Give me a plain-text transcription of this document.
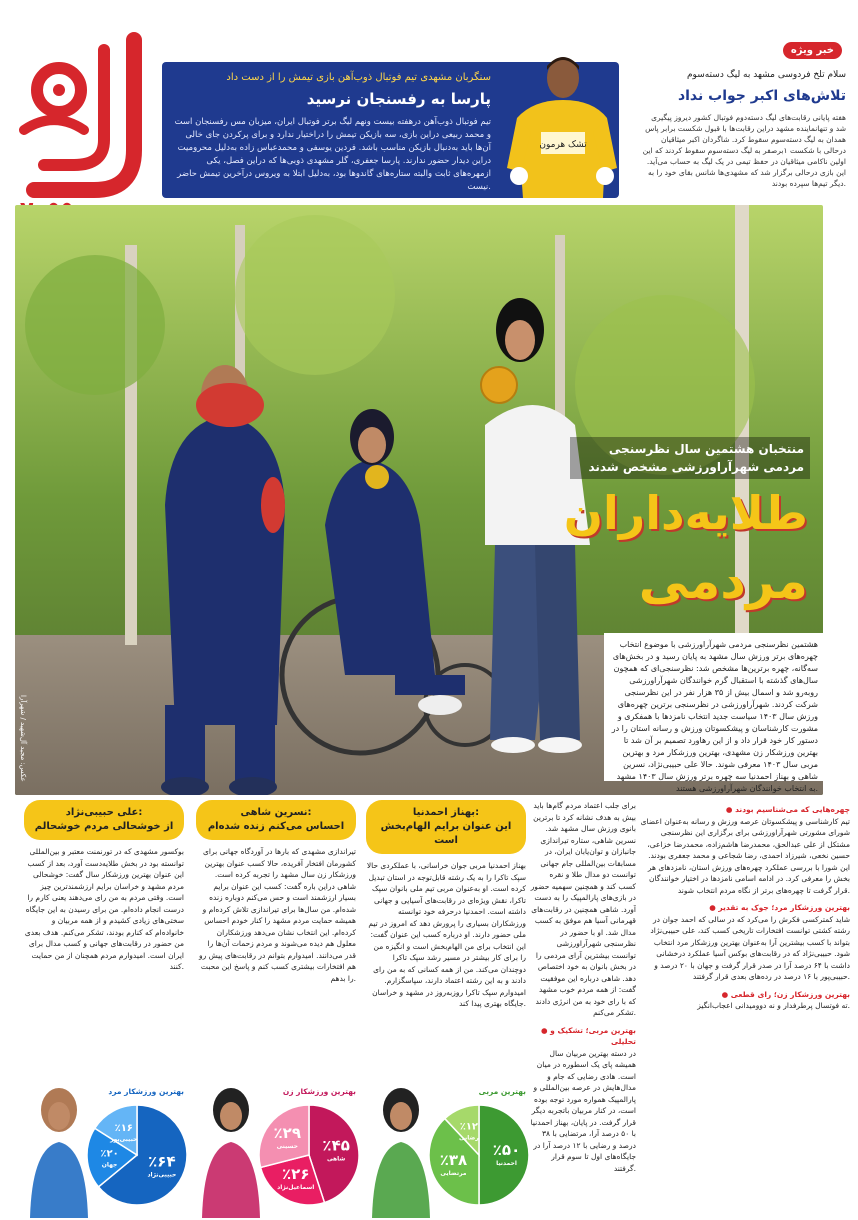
سنگربان مشهدی تیم فوتبال ذوب‌آهن بازی تیمش را از دست داد
پارسا به رفسنجان نرسید
تیم فوتبال ذوب‌آهن درهفته بیست ونهم لیگ برتر فوتبال ایران، میزبان مس رفسنجان است و محمد ربیعی دراین بازی، سه بازیکن تیمش را دراختیار ندارد و برای پرکردن جای خالی آن‌ها باید به‌دنبال بازیکن مناسب باشد. فردین یوسفی و محمدعباس زاده به‌دلیل محرومیت دراین دیدار حضور ندارند. پارسا جعفری، گلر مشهدی ذوبی‌ها که دراین فصل، یکی ازمهره‌های ثابت والبته ستاره‌های گاندوها بود، به‌دلیل ابتلا به ویروس درآخرین تیمش حاضر نیست.
تشک هرمون
خبر ویژه
سلام تلخ فردوسی مشهد به لیگ دسته‌سوم
تلاش‌های اکبر جواب نداد
هفته پایانی رقابت‌های لیگ دسته‌دوم فوتبال کشور دیروز پیگیری شد و تنهانماینده مشهد دراین رقابت‌ها با قبول شکست برابر پاس همدان به لیگ دسته‌سوم سقوط کرد. شاگردان اکبر میثاقیان درحالی با شکست ۱برصفر به لیگ دسته‌سوم سقوط کردند که این اولین ناکامی میثاقیان در حفظ تیمی در یک لیگ به حساب می‌آید. این بازی درحالی برگزار شد که مشهدی‌ها شانس بقای خود را به دیگر تیم‌ها سپرده بودند.
عکس: مجید آل‌شهید / شهرآرا
منتخبان هشتمین سال نظرسنجی مردمی شهرآراورزشی مشخص شدند
طلایه‌داران
مردمی
هشتمین نظرسنجی مردمی شهرآراورزشی با موضوع انتخاب چهره‌های برتر ورزش سال مشهد به پایان رسید و در بخش‌های سه‌گانه، چهره برترین‌ها مشخص شد: نظرسنجی‌ای که همچون سال‌های گذشته با استقبال گرم خوانندگان شهرآراورزشی روبه‌رو شد و اسمال بیش از ۳۵ هزار نفر در این نظرسنجی شرکت کردند. شهرآراورزشی در نظرسنجی برترین چهره‌های ورزش سال ۱۴۰۳ سیاست جدید انتخاب نامزدها با همفکری و مشورت کارشناسان و پیشکسوتان ورزش و رسانه استان را در دستور کار خود قرار داد و از این رهاورد تصمیم بر آن شد تا بهترین ورزشکار زن مشهدی، بهترین ورزشکار مرد و بهترین مربی سال ۱۴۰۳ معرفی شوند. حالا علی حبیبی‌نژاد، نسرین شاهی و بهناز احمدنیا سه چهره برتر ورزش سال ۱۴۰۳ مشهد به انتخاب خوانندگان شهرآراورزشی هستند.
● چهره‌هایی که می‌شناسیم بودند
تیم کارشناسی و پیشکسوتان عرصه ورزش و رسانه به‌عنوان اعضای شورای مشورتی شهرآراورزشی برای برگزاری این نظرسنجی مشتکل از علی عبدالحق، محمدرضا هاشم‌زاده، محمدرضا خزاعی، حسین نخعی، شیرزاد احمدی، رضا شجاعی و محمد جعفری بودند. این شورا با بررسی عملکرد چهره‌های ورزش استان، نامزدهای هر بخش را معرفی کرد. در ادامه اسامی نامزدها در اختیار خوانندگان قرار گرفت تا چهره‌های برتر از نگاه مردم انتخاب شوند.
● بهترین ورزشکار مرد؛ جوک به تقدیر
شاید کمترکسی فکرش را می‌کرد که در سالی که احمد جوان در رشته کشتی توانست افتخارات تاریخی کسب کند، علی حبیبی‌نژاد بتواند با کسب بیشترین آرا به‌عنوان بهترین ورزشکار مرد انتخاب شود. حبیبی‌نژاد که در رقابت‌های بوکس آسیا عملکرد درخشانی داشت با ۶۴ درصد آرا در صدر قرار گرفت و جهان با ۲۰ درصد و حبیبی‌پور با ۱۶ درصد در رده‌های بعدی قرار گرفتند.
● بهترین ورزشکار زن؛ رای قطعی
ته فوتسال پرطرفدار و نه دوومیدانی اعجاب‌انگیز.
برای جلب اعتماد مردم گام‌ها باید بیش به هدف نشانه کرد تا برترین بانوی ورزش سال مشهد شد. نسرین شاهی، ستاره تیراندازی جانبازان و توان‌یابان ایران، در مسابقات بین‌المللی جام جهانی توانست دو مدال طلا و نقره کسب کند و همچنین سهمیه حضور در بازی‌های پارالمپیک را به دست آورد. شاهی همچنین در رقابت‌های قهرمانی آسیا هم موفق به کسب مدال شد. او با حضور در نظرسنجی شهرآراورزشی توانست بیشترین آرای مردمی را در بخش بانوان به خود اختصاص دهد. شاهی درباره این موفقیت گفت: از همه مردم خوب مشهد که با رای خود به من انرژی دادند تشکر می‌کنم.
● بهترین مربی؛ تشکیک و تحلیلی
در دسته بهترین مربیان سال همیشه پای یک اسطوره در میان است. هادی رضایی که جام و مدال‌هایش در عرصه بین‌المللی و پارالمپیک همواره مورد توجه بوده است، در کنار مربیان باتجربه دیگر قرار گرفت. در پایان، بهناز احمدنیا با ۵۰ درصد آرا، مرتضایی با ۳۸ درصد و رضایی با ۱۲ درصد آرا در جایگاه‌های اول تا سوم قرار گرفتند.
بهناز احمدنیا:
این عنوان برایم الهام‌بخش است
بهناز احمدنیا مربی جوان خراسانی، با عملکردی حالا سپک تاکرا را به یک رشته قابل‌توجه در استان تبدیل کرده است. او به‌عنوان مربی تیم ملی بانوان سپک تاکرا، نقش ویژه‌ای در رقابت‌های آسیایی و جهانی داشته است. احمدنیا درحرفه خود توانسته ورزشکاران بسیاری را پرورش دهد که امروز در تیم ملی حضور دارند. او درباره کسب این عنوان گفت: این انتخاب برای من الهام‌بخش است و انگیزه من را برای کار بیشتر در مسیر رشد سپک تاکرا دوچندان می‌کند. من از همه کسانی که به من رای دادند و به این رشته اعتماد دارند، سپاسگزارم. امیدوارم سپک تاکرا روزبه‌روز در مشهد و خراسان جایگاه بهتری پیدا کند.
بهترین مربی
٪۵۰
احمدنیا
٪۳۸
مرتضایی
٪۱۲
رضایی
نسرین شاهی:
احساس می‌کنم زنده شده‌ام
تیراندازی مشهدی که بارها در آوردگاه جهانی برای کشورمان افتخار آفریده، حالا کسب عنوان بهترین ورزشکار زن سال مشهد را تجربه کرده است. شاهی دراین باره گفت: کسب این عنوان برایم بسیار ارزشمند است و حس می‌کنم دوباره زنده شده‌ام. من سال‌ها برای تیراندازی تلاش کرده‌ام و همیشه حمایت مردم مشهد را کنار خودم احساس کرده‌ام. این انتخاب نشان می‌دهد ورزشکاران معلول هم دیده می‌شوند و مردم زحمات آن‌ها را قدر می‌دانند. امیدوارم بتوانم در رقابت‌های پیش رو هم افتخارات بیشتری کسب کنم و پاسخ این محبت را بدهم.
بهترین ورزشکار زن
٪۴۵
شاهی
٪۲۶
اسماعیل‌نژاد
٪۲۹
حسینی
علی حبیبی‌نژاد:
از خوشحالی مردم خوشحالم
بوکسور مشهدی که در تورنمنت معتبر و بین‌المللی توانسته بود در بخش طلایه‌دست آورد، بعد از کسب این عنوان بهترین ورزشکار سال گفت: خوشحالی مردم مشهد و خراسان برایم ارزشمندترین چیز است. وقتی مردم به من رای می‌دهند یعنی کارم را درست انجام داده‌ام. من برای رسیدن به این جایگاه سختی‌های زیادی کشیدم و از همه مربیان و خانواده‌ام که کنارم بودند، تشکر می‌کنم. هدف بعدی من حضور در رقابت‌های جهانی و کسب مدال برای ایران است. امیدوارم مردم همچنان از من حمایت کنند.
بهترین ورزشکار مرد
٪۶۴
حبیبی‌نژاد
٪۲۰
جهان
٪۱۶
حبیبی‌پور
